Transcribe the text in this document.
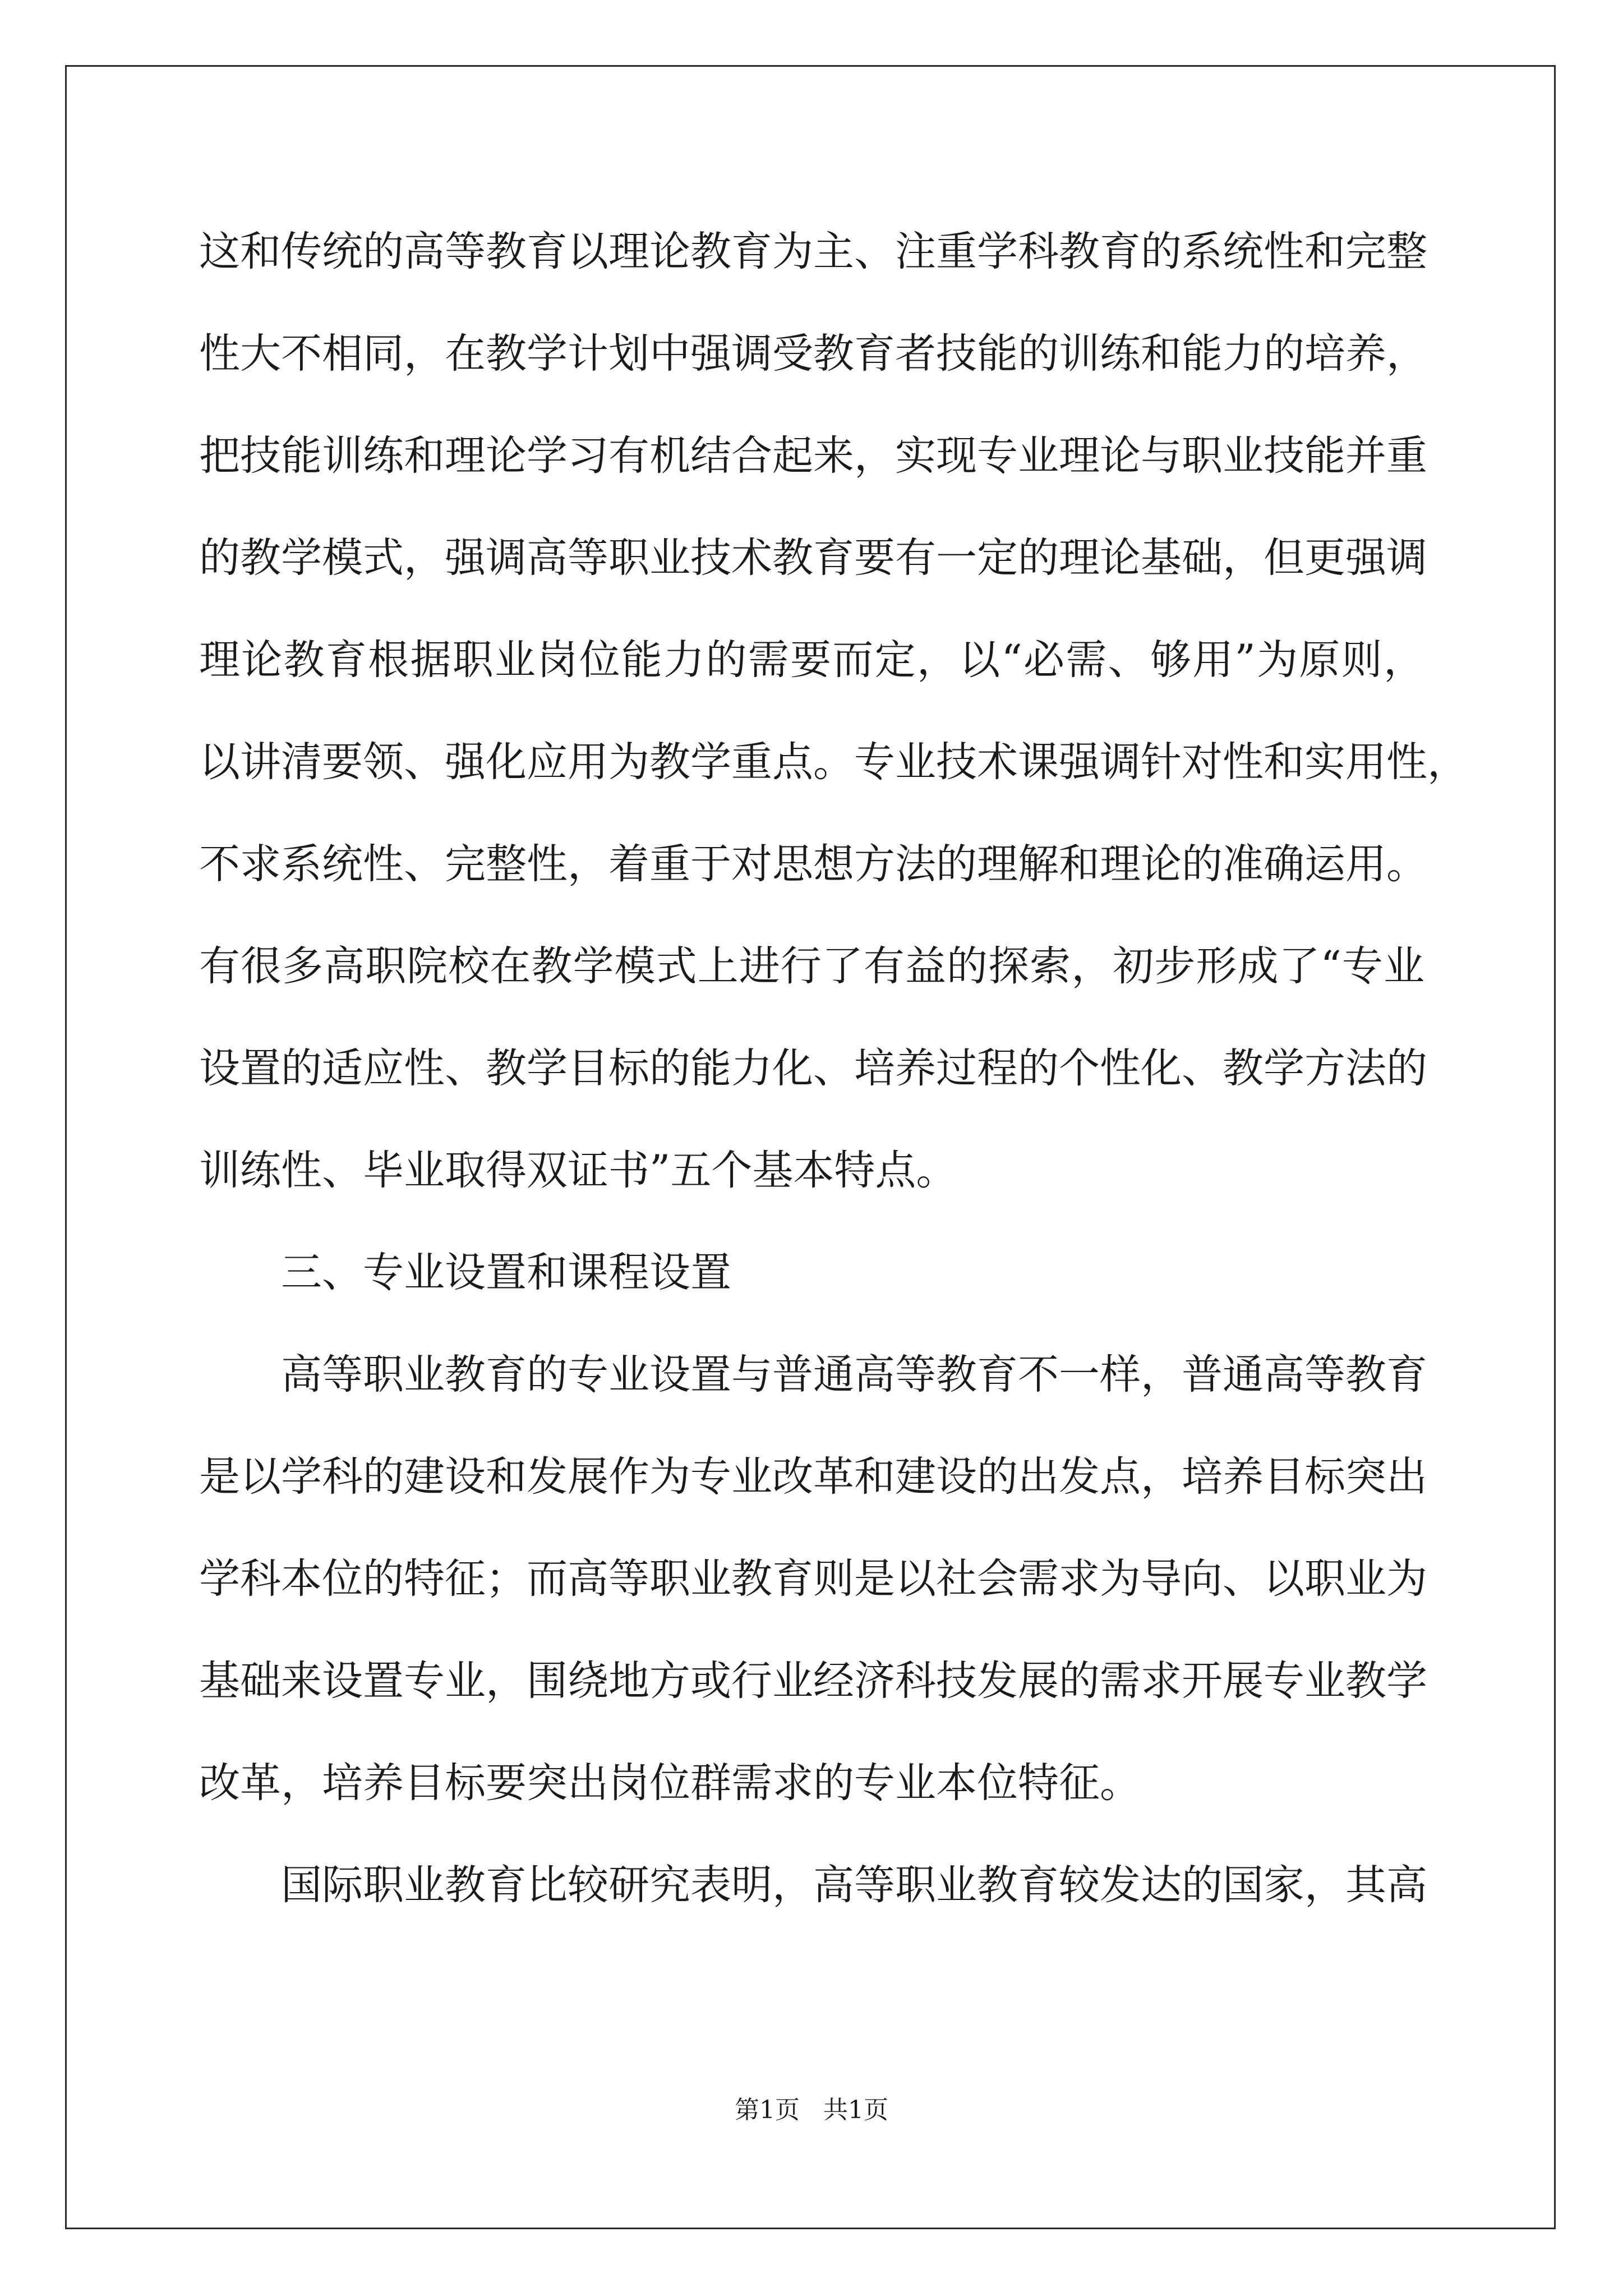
这和传统的高等教育以理论教育为主、注重学科教育的系统性和完整
性大不相同，在教学计划中强调受教育者技能的训练和能力的培养，
把技能训练和理论学习有机结合起来，实现专业理论与职业技能并重
的教学模式，强调高等职业技术教育要有一定的理论基础，但更强调
理论教育根据职业岗位能力的需要而定，以“必需、够用”为原则，
以讲清要领、强化应用为教学重点。专业技术课强调针对性和实用性，
不求系统性、完整性，着重于对思想方法的理解和理论的准确运用。
有很多高职院校在教学模式上进行了有益的探索，初步形成了“专业
设置的适应性、教学目标的能力化、培养过程的个性化、教学方法的
训练性、毕业取得双证书”五个基本特点。
三、专业设置和课程设置
高等职业教育的专业设置与普通高等教育不一样，普通高等教育
是以学科的建设和发展作为专业改革和建设的出发点，培养目标突出
学科本位的特征；而高等职业教育则是以社会需求为导向、以职业为
基础来设置专业，围绕地方或行业经济科技发展的需求开展专业教学
改革，培养目标要突出岗位群需求的专业本位特征。
国际职业教育比较研究表明，高等职业教育较发达的国家，其高
第1页   共1页
